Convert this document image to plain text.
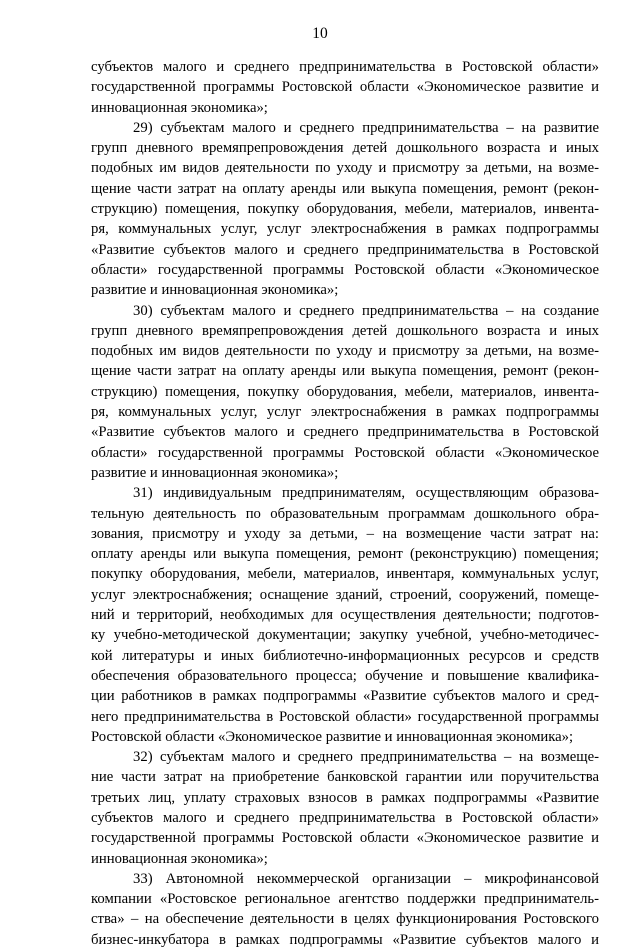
10

субъектов малого и среднего предпринимательства в Ростовской области»
государственной программы Ростовской области «Экономическое развитие и
инновационная экономика»;

29) субъектам малого и среднего предпринимательства – на развитие
групп дневного времяпрепровождения детей дошкольного возраста и иных
подобных им видов деятельности по уходу и присмотру за детьми, на возме-
щение части затрат на оплату аренды или выкупа помещения, ремонт (рекон-
струкцию) помещения, покупку оборудования, мебели, материалов, инвента-
ря, коммунальных услуг, услуг электроснабжения в рамках подпрограммы
«Развитие субъектов малого и среднего предпринимательства в Ростовской
области» государственной программы Ростовской области «Экономическое
развитие и инновационная экономика»;

30) субъектам малого и среднего предпринимательства – на создание
групп дневного времяпрепровождения детей дошкольного возраста и иных
подобных им видов деятельности по уходу и присмотру за детьми, на возме-
щение части затрат на оплату аренды или выкупа помещения, ремонт (рекон-
струкцию) помещения, покупку оборудования, мебели, материалов, инвента-
ря, коммунальных услуг, услуг электроснабжения в рамках подпрограммы
«Развитие субъектов малого и среднего предпринимательства в Ростовской
области» государственной программы Ростовской области «Экономическое
развитие и инновационная экономика»;

31) индивидуальным предпринимателям, осуществляющим образова-
тельную деятельность по образовательным программам дошкольного обра-
зования, присмотру и уходу за детьми, – на возмещение части затрат на:
оплату аренды или выкупа помещения, ремонт (реконструкцию) помещения;
покупку оборудования, мебели, материалов, инвентаря, коммунальных услуг,
услуг электроснабжения; оснащение зданий, строений, сооружений, помеще-
ний и территорий, необходимых для осуществления деятельности; подготов-
ку учебно-методической документации; закупку учебной, учебно-методичес-
кой литературы и иных библиотечно-информационных ресурсов и средств
обеспечения образовательного процесса; обучение и повышение квалифика-
ции работников в рамках подпрограммы «Развитие субъектов малого и сред-
него предпринимательства в Ростовской области» государственной программы
Ростовской области «Экономическое развитие и инновационная экономика»;

32) субъектам малого и среднего предпринимательства – на возмеще-
ние части затрат на приобретение банковской гарантии или поручительства
третьих лиц, уплату страховых взносов в рамках подпрограммы «Развитие
субъектов малого и среднего предпринимательства в Ростовской области»
государственной программы Ростовской области «Экономическое развитие и
инновационная экономика»;

33) Автономной некоммерческой организации – микрофинансовой
компании «Ростовское региональное агентство поддержки предприниматель-
ства» – на обеспечение деятельности в целях функционирования Ростовского
бизнес-инкубатора в рамках подпрограммы «Развитие субъектов малого и
